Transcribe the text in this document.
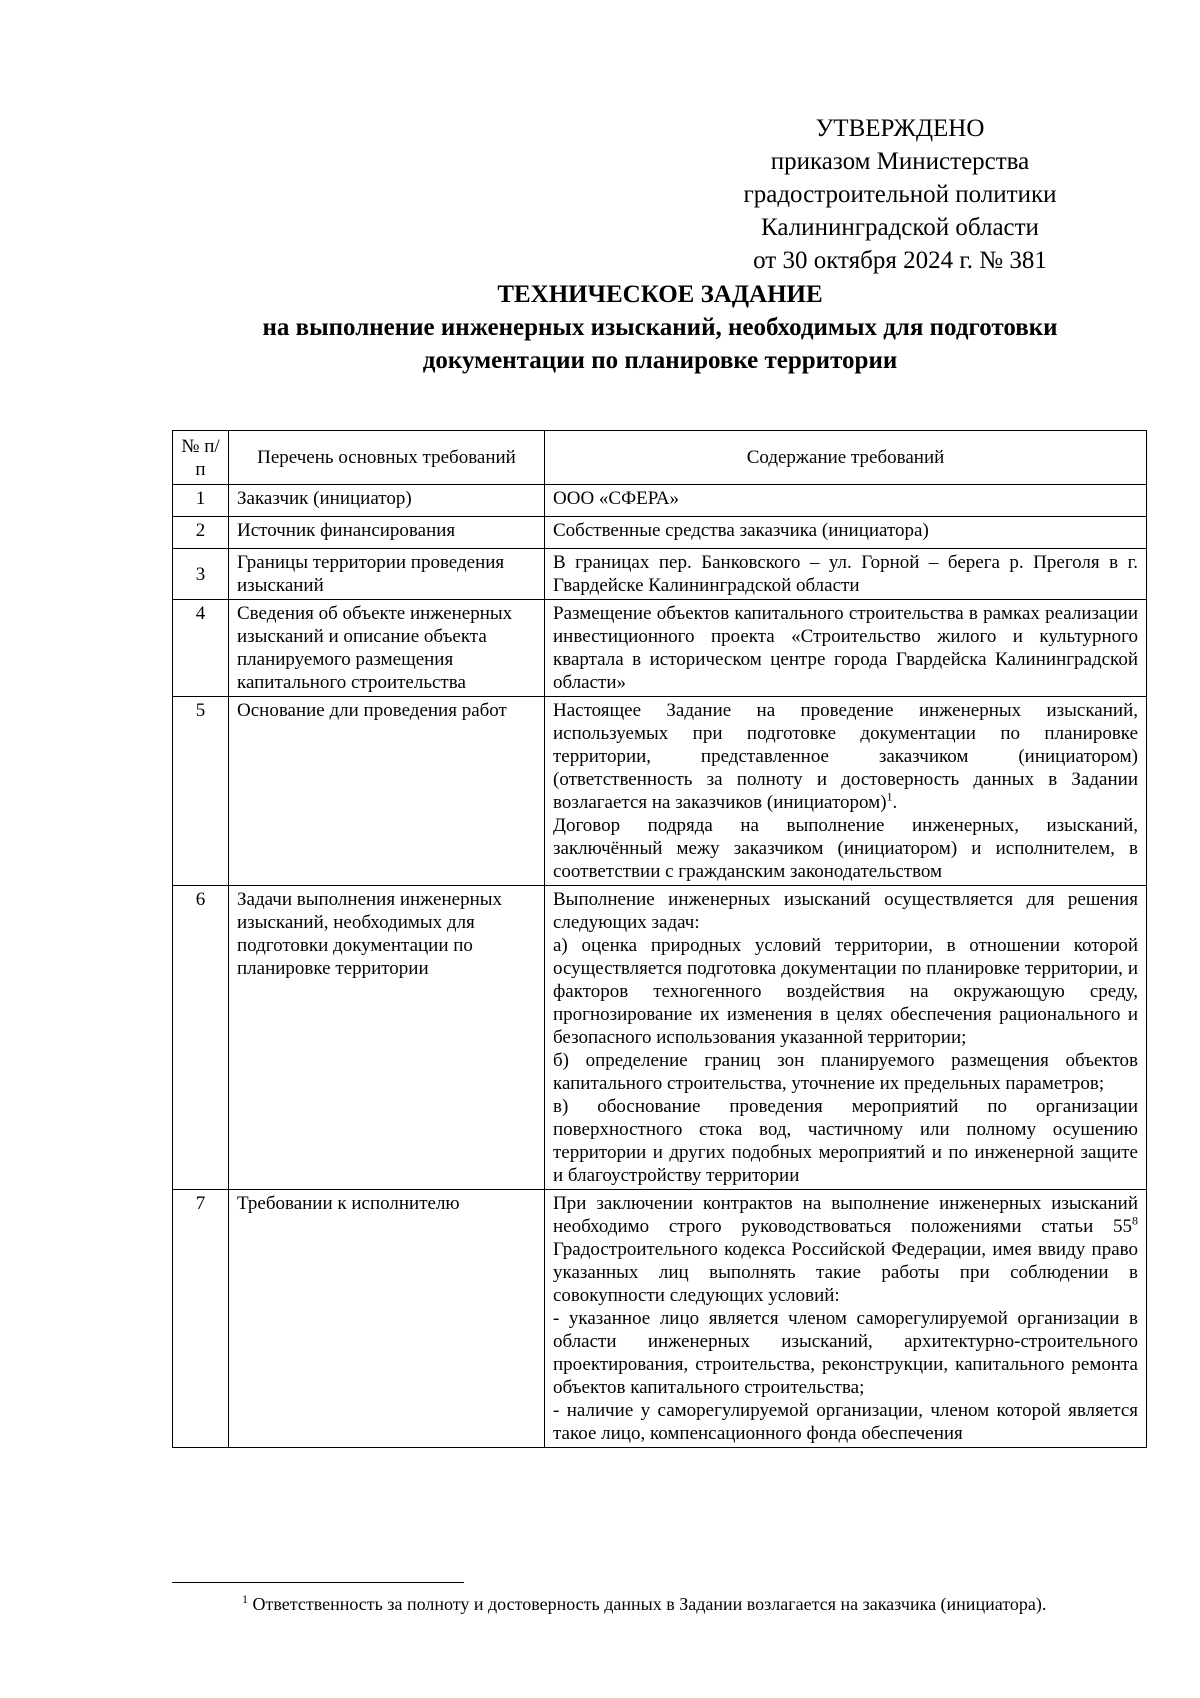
УТВЕРЖДЕНО
приказом Министерства
градостроительной политики
Калининградской области
от 30 октября 2024 г. № 381
ТЕХНИЧЕСКОЕ ЗАДАНИЕ
на выполнение инженерных изысканий, необходимых для подготовки
документации по планировке территории
№ п/п	Перечень основных требований	Содержание требований
1	Заказчик (инициатор)	ООО «СФЕРА»

2	Источник финансирования	Собственные средства заказчика (инициатора)

3	Границы территории проведения изысканий	В границах пер. Банковского – ул. Горной – берега р. Преголя в г. Гвардейске Калининградской области

4	Сведения об объекте инженерных изысканий и описание объекта планируемого размещения капитального строительства	Размещение объектов капитального строительства в рамках реализации инвестиционного проекта «Строительство жилого и культурного квартала в историческом центре города Гвардейска Калининградской области»

5	Основание дли проведения работ	Настоящее Задание на проведение инженерных изысканий, используемых при подготовке документации по планировке территории, представленное заказчиком (инициатором) (ответственность за полноту и достоверность данных в Задании возлагается на заказчиков (инициатором)$^1$.

Договор подряда на выполнение инженерных, изысканий, заключённый межу заказчиком (инициатором) и исполнителем, в соответствии с гражданским законодательством

6	Задачи выполнения инженерных изысканий, необходимых для подготовки документации по планировке территории	Выполнение инженерных изысканий осуществляется для решения следующих задач:

а) оценка природных условий территории, в отношении которой осуществляется подготовка документации по планировке территории, и факторов техногенного воздействия на окружающую среду, прогнозирование их изменения в целях обеспечения рационального и безопасного использования указанной территории;

б) определение границ зон планируемого размещения объектов капитального строительства, уточнение их предельных параметров;

в) обоснование проведения мероприятий по организации поверхностного стока вод, частичному или полному осушению территории и других подобных мероприятий и по инженерной защите и благоустройству территории

7	Требовании к исполнителю	При заключении контрактов на выполнение инженерных изысканий необходимо строго руководствоваться положениями статьи $55^8$ Градостроительного кодекса Российской Федерации, имея ввиду право указанных лиц выполнять такие работы при соблюдении в совокупности следующих условий:

- указанное лицо является членом саморегулируемой организации в области инженерных изысканий, архитектурно-строительного проектирования, строительства, реконструкции, капитального ремонта объектов капитального строительства;

- наличие у саморегулируемой организации, членом которой является такое лицо, компенсационного фонда обеспечения

$^1$ Ответственность за полноту и достоверность данных в Задании возлагается на заказчика (инициатора).
